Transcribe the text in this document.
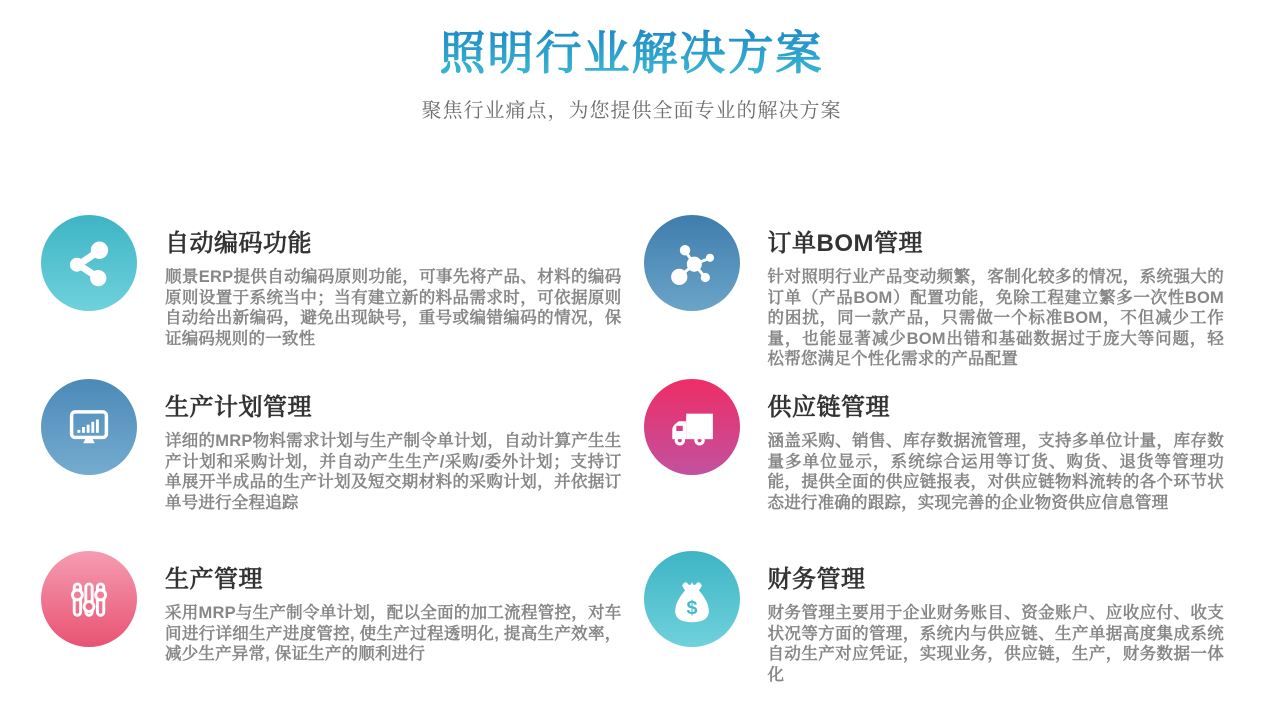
照明行业解决方案
聚焦行业痛点，为您提供全面专业的解决方案
自动编码功能

顺景ERP提供自动编码原则功能，可事先将产品、材料的编码原则设置于系统当中；当有建立新的料品需求时，可依据原则自动给出新编码，避免出现缺号，重号或编错编码的情况，保证编码规则的一致性

订单BOM管理

针对照明行业产品变动频繁，客制化较多的情况，系统强大的订单（产品BOM）配置功能，免除工程建立繁多一次性BOM的困扰，同一款产品，只需做一个标准BOM，不但减少工作量，也能显著减少BOM出错和基础数据过于庞大等问题，轻松帮您满足个性化需求的产品配置

生产计划管理

详细的MRP物料需求计划与生产制令单计划，自动计算产生生产计划和采购计划，并自动产生生产/采购/委外计划；支持订单展开半成品的生产计划及短交期材料的采购计划，并依据订单号进行全程追踪

供应链管理

涵盖采购、销售、库存数据流管理，支持多单位计量，库存数量多单位显示，系统综合运用等订货、购货、退货等管理功能，提供全面的供应链报表，对供应链物料流转的各个环节状态进行准确的跟踪，实现完善的企业物资供应信息管理

生产管理

采用MRP与生产制令单计划，配以全面的加工流程管控，对车间进行详细生产进度管控, 使生产过程透明化, 提高生产效率，减少生产异常, 保证生产的顺利进行

$
财务管理

财务管理主要用于企业财务账目、资金账户、应收应付、收支状况等方面的管理，系统内与供应链、生产单据高度集成系统自动生产对应凭证，实现业务，供应链，生产，财务数据一体化
